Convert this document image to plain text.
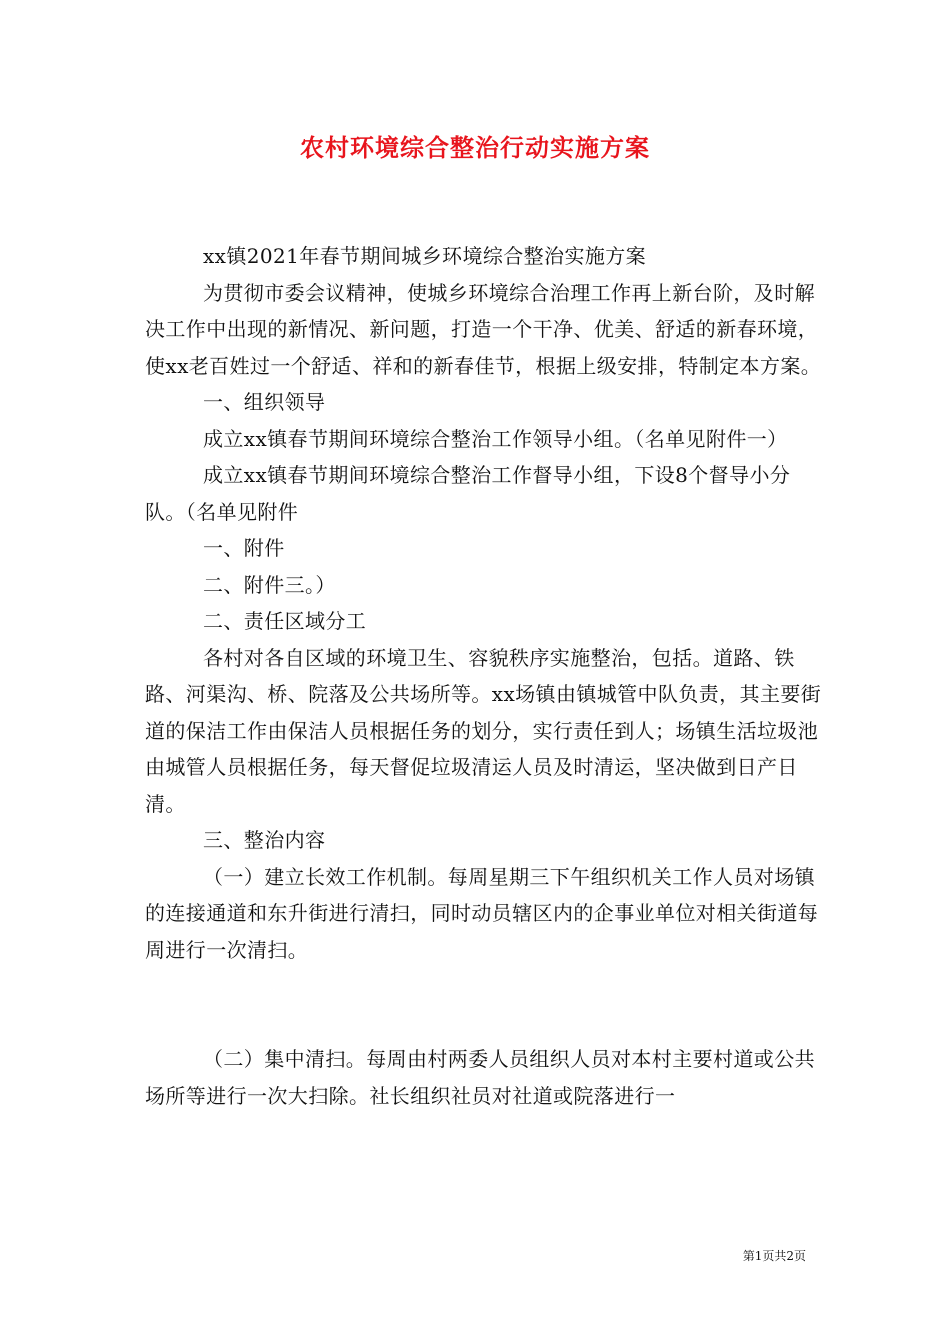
农村环境综合整治行动实施方案

xx镇2021年春节期间城乡环境综合整治实施方案

为贯彻市委会议精神，使城乡环境综合治理工作再上新台阶，及时解决工作中出现的新情况、新问题，打造一个干净、优美、舒适的新春环境，使xx老百姓过一个舒适、祥和的新春佳节，根据上级安排，特制定本方案。

一、组织领导

成立xx镇春节期间环境综合整治工作领导小组。（名单见附件一）

成立xx镇春节期间环境综合整治工作督导小组，下设8个督导小分队。（名单见附件

一、附件

二、附件三。）

二、责任区域分工

各村对各自区域的环境卫生、容貌秩序实施整治，包括。道路、铁路、河渠沟、桥、院落及公共场所等。xx场镇由镇城管中队负责，其主要街道的保洁工作由保洁人员根据任务的划分，实行责任到人；场镇生活垃圾池由城管人员根据任务，每天督促垃圾清运人员及时清运，坚决做到日产日清。

三、整治内容

（一）建立长效工作机制。每周星期三下午组织机关工作人员对场镇的连接通道和东升街进行清扫，同时动员辖区内的企事业单位对相关街道每周进行一次清扫。

（二）集中清扫。每周由村两委人员组织人员对本村主要村道或公共场所等进行一次大扫除。社长组织社员对社道或院落进行一

第1页共2页
